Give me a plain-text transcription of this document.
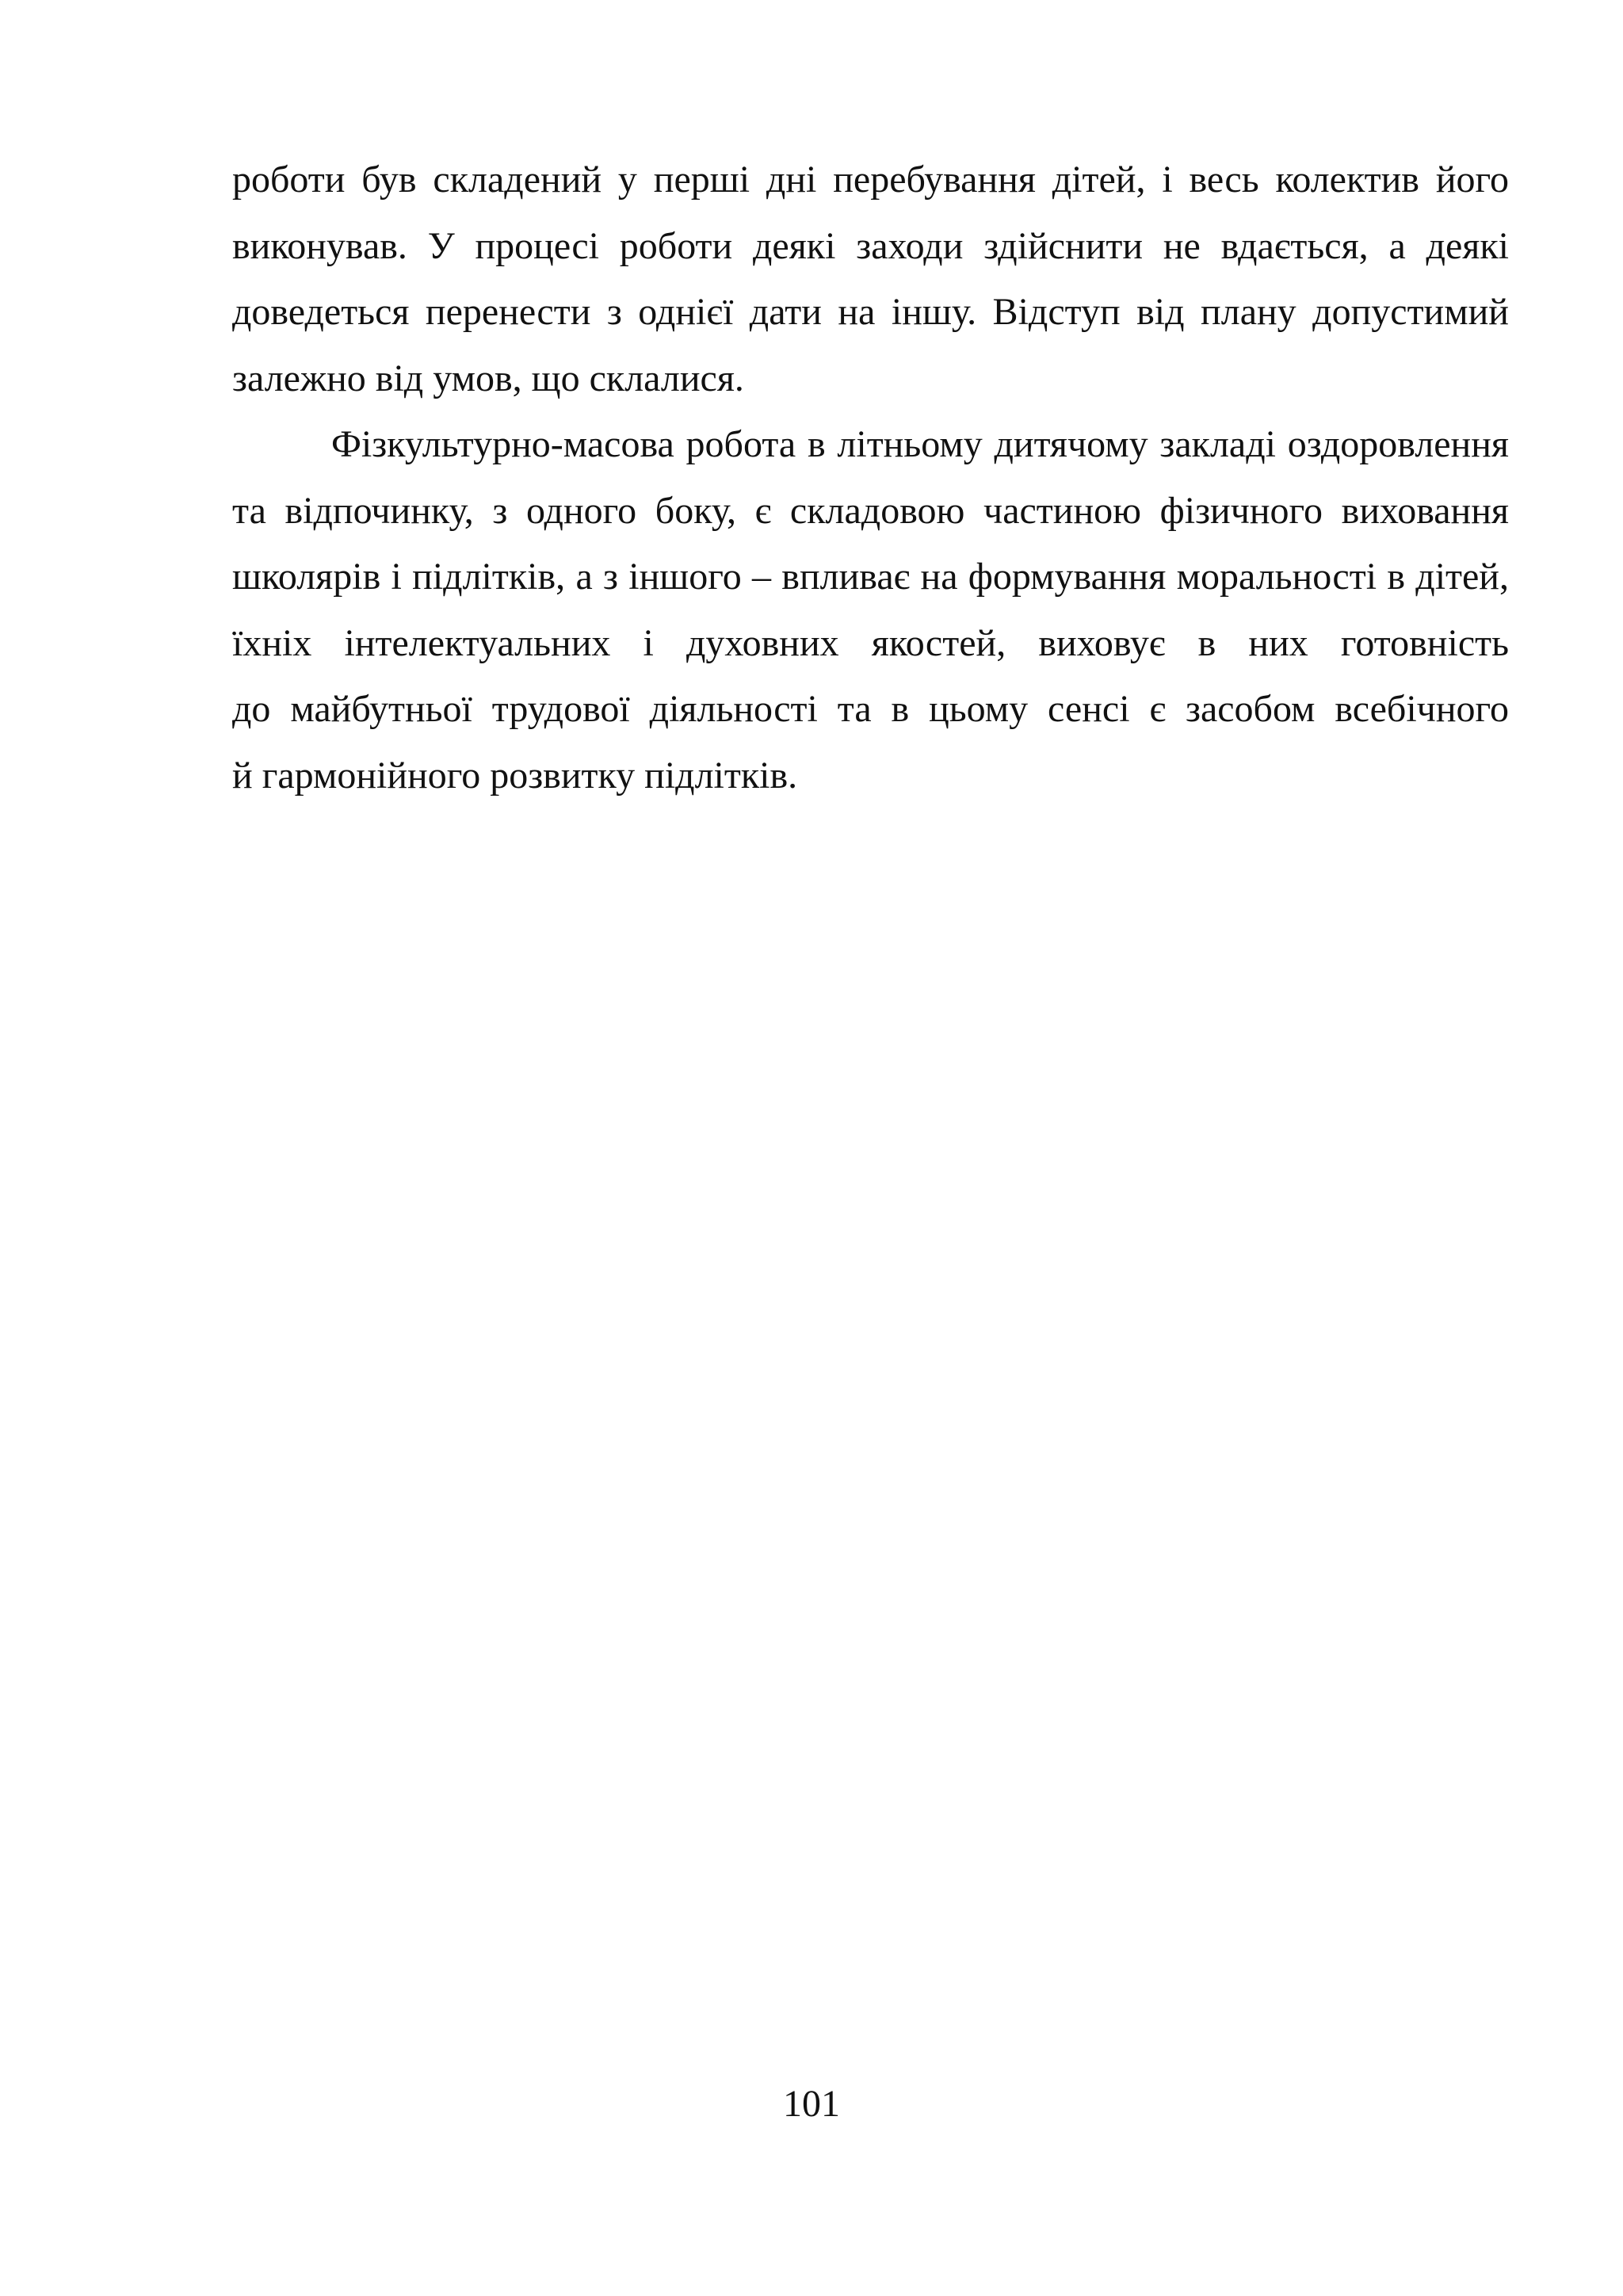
роботи був складений у перші дні перебування дітей, і весь колектив його
виконував. У процесі роботи деякі заходи здійснити не вдається, а деякі
доведеться перенести з однієї дати на іншу. Відступ від плану допустимий
залежно від умов, що склалися.
Фізкультурно-масова робота в літньому дитячому закладі оздоровлення
та відпочинку, з одного боку, є складовою частиною фізичного виховання
школярів і підлітків, а з іншого – впливає на формування моральності в дітей,
їхніх інтелектуальних і духовних якостей, виховує в них готовність
до майбутньої трудової діяльності та в цьому сенсі є засобом всебічного
й гармонійного розвитку підлітків.
101
